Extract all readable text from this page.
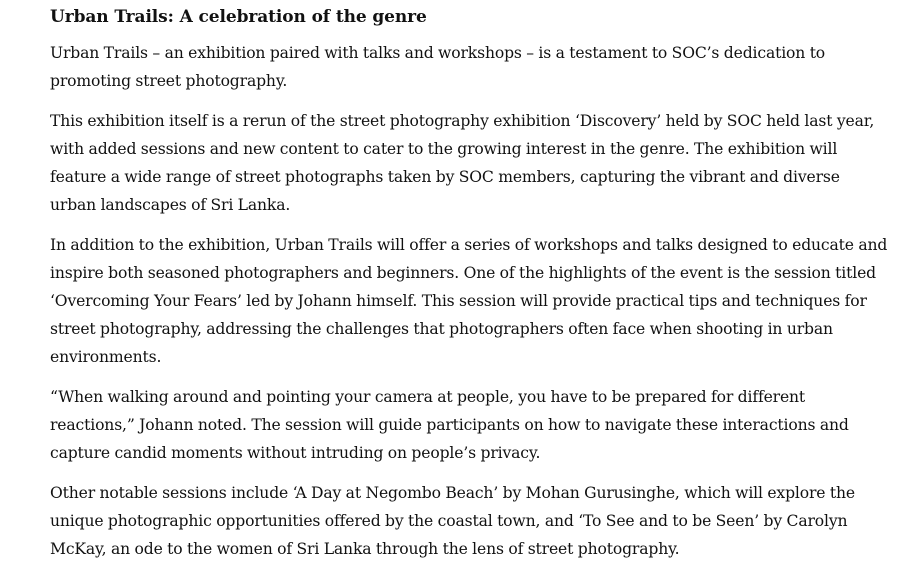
Urban Trails: A celebration of the genre

Urban Trails – an exhibition paired with talks and workshops – is a testament to SOC’s dedication to promoting street photography.

This exhibition itself is a rerun of the street photography exhibition ‘Discovery’ held by SOC held last year, with added sessions and new content to cater to the growing interest in the genre. The exhibition will feature a wide range of street photographs taken by SOC members, capturing the vibrant and diverse urban landscapes of Sri Lanka.

In addition to the exhibition, Urban Trails will offer a series of workshops and talks designed to educate and inspire both seasoned photographers and beginners. One of the highlights of the event is the session titled ‘Overcoming Your Fears’ led by Johann himself. This session will provide practical tips and techniques for street photography, addressing the challenges that photographers often face when shooting in urban environments.

“When walking around and pointing your camera at people, you have to be prepared for different reactions,” Johann noted. The session will guide participants on how to navigate these interactions and capture candid moments without intruding on people’s privacy.

Other notable sessions include ‘A Day at Negombo Beach’ by Mohan Gurusinghe, which will explore the unique photographic opportunities offered by the coastal town, and ‘To See and to be Seen’ by Carolyn McKay, an ode to the women of Sri Lanka through the lens of street photography.
